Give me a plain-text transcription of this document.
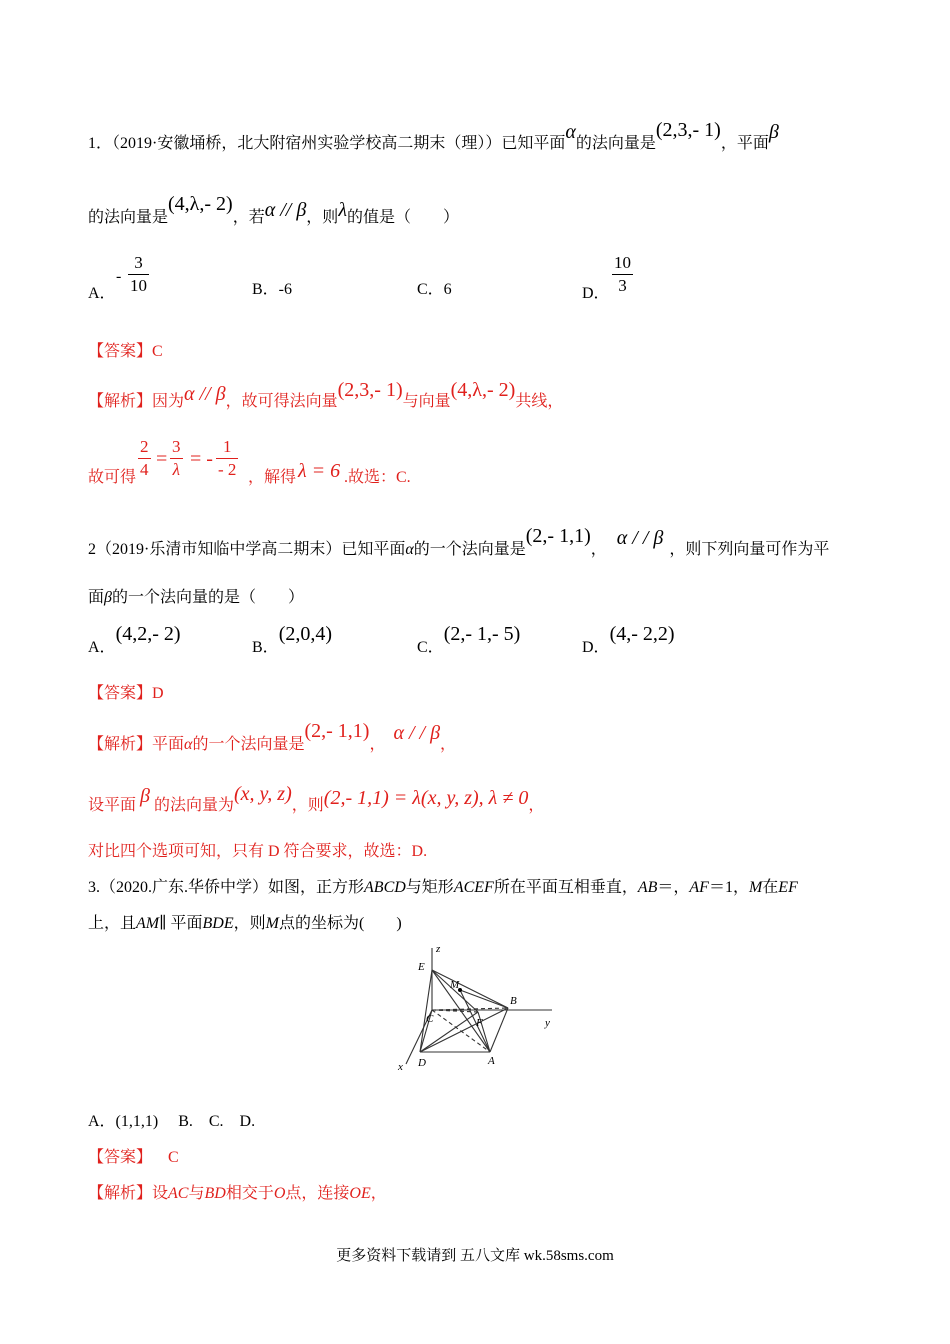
1．（2019·安徽埇桥，北大附宿州实验学校高二期末（理））已知平面α的法向量是(2,3,- 1)，平面β
的法向量是(4,λ,- 2)，若α // β，则λ的值是（　　）
A．
- $\frac{3}{10}$	B．-6	C．6	D． $\frac{10}{3}$
【答案】C
【解析】因为α // β，故可得法向量(2,3,- 1)与向量(4,λ,- 2)共线，
故可得 $\frac{2}{4} = \frac{3}{\lambda}$ = - $\frac{1}{- 2}$ ，解得 λ = 6 .故选：C.
2（2019·乐清市知临中学高二期末）已知平面α的一个法向量是(2,- 1,1)，α / / β，则下列向量可作为平
面β的一个法向量的是（　　）
A．(4,2,- 2)
B．(2,0,4)
C．(2,- 1,- 5)
D．(4,- 2,2)
【答案】D
【解析】平面α的一个法向量是(2,- 1,1)，α / / β，
设平面 β 的法向量为(x, y, z)，则(2,- 1,1) = λ(x, y, z), λ ≠ 0，
对比四个选项可知，只有 D 符合要求，故选：D.
3.（2020.广东.华侨中学）如图，正方形ABCD与矩形ACEF所在平面互相垂直，AB＝，AF＝1，M在EF
上，且AM∥ 平面BDE，则M点的坐标为(　　)
z
E
M
B
C	F	y
x D	A
A．(1,1,1)　 B.　C.　D.
【答案】 C
【解析】设AC与BD相交于O点，连接OE，
更多资料下载请到 五八文库 wk.58sms.com
